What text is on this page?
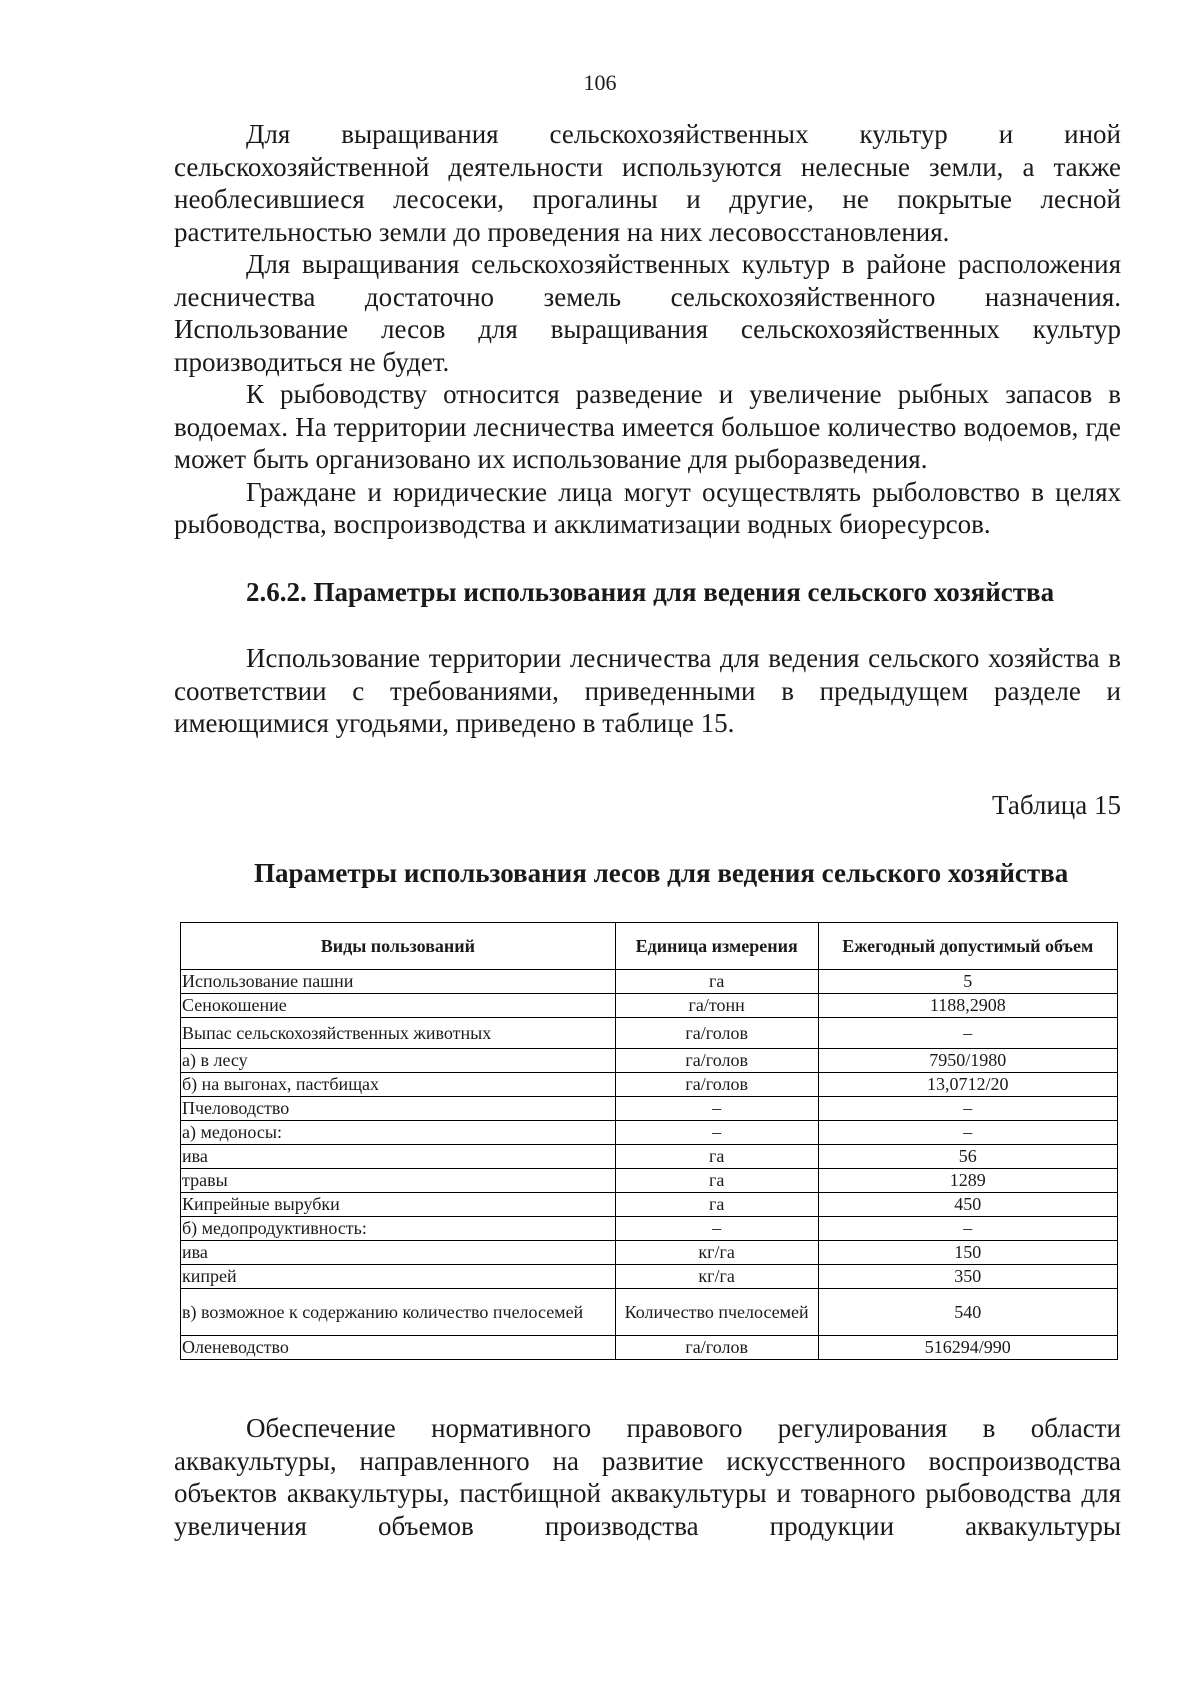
106

Для выращивания сельскохозяйственных культур и иной сельскохозяйственной деятельности используются нелесные земли, а также необлесившиеся лесосеки, прогалины и другие, не покрытые лесной растительностью земли до проведения на них лесовосстановления.

Для выращивания сельскохозяйственных культур в районе расположения лесничества достаточно земель сельскохозяйственного назначения. Использование лесов для выращивания сельскохозяйственных культур производиться не будет.

К рыбоводству относится разведение и увеличение рыбных запасов в водоемах. На территории лесничества имеется большое количество водоемов, где может быть организовано их использование для рыборазведения.

Граждане и юридические лица могут осуществлять рыболовство в целях рыбоводства, воспроизводства и акклиматизации водных биоресурсов.

2.6.2. Параметры использования для ведения сельского хозяйства

Использование территории лесничества для ведения сельского хозяйства в соответствии с требованиями, приведенными в предыдущем разделе и имеющимися угодьями, приведено в таблице 15.

Таблица 15
Параметры использования лесов для ведения сельского хозяйства
Виды пользований	Единица измерения	Ежегодный допустимый объем
Использование пашни	га	5
Сенокошение	га/тонн	1188,2908
Выпас сельскохозяйственных животных	га/голов	–
а) в лесу	га/голов	7950/1980
б) на выгонах, пастбищах	га/голов	13,0712/20
Пчеловодство	–	–
а) медоносы:	–	–
ива	га	56
травы	га	1289
Кипрейные вырубки	га	450
б) медопродуктивность:	–	–
ива	кг/га	150
кипрей	кг/га	350
в) возможное к содержанию количество пчелосемей	Количество пчелосемей	540
Оленеводство	га/голов	516294/990

Обеспечение нормативного правового регулирования в области аквакультуры, направленного на развитие искусственного воспроизводства объектов аквакультуры, пастбищной аквакультуры и товарного рыбоводства для увеличения объемов производства продукции аквакультуры
